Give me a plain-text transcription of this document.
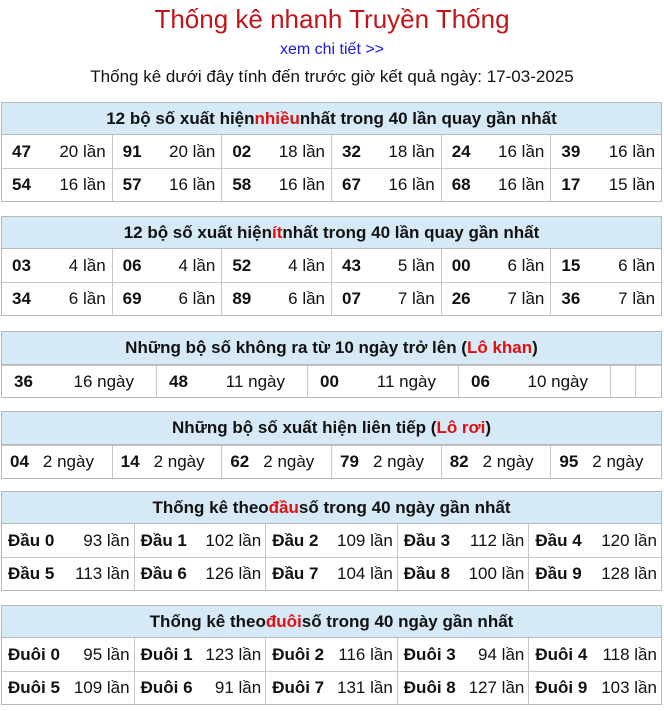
Thống kê nhanh Truyền Thống
xem chi tiết >>
Thống kê dưới đây tính đến trước giờ kết quả ngày: 17-03-2025
12 bộ số xuất hiện nhiều nhất trong 40 lần quay gần nhất
47	20 lần	91	20 lần	02	18 lần	32	18 lần	24	16 lần	39	16 lần
54	16 lần	57	16 lần	58	16 lần	67	16 lần	68	16 lần	17	15 lần
12 bộ số xuất hiện ít nhất trong 40 lần quay gần nhất
03	4 lần	06	4 lần	52	4 lần	43	5 lần	00	6 lần	15	6 lần
34	6 lần	69	6 lần	89	6 lần	07	7 lần	26	7 lần	36	7 lần
Những bộ số không ra từ 10 ngày trở lên ( Lô khan )
36	16 ngày	48	11 ngày	00	11 ngày	06	10 ngày
Những bộ số xuất hiện liên tiếp ( Lô rơi )
04 2 ngày	14 2 ngày	62 2 ngày	79 2 ngày	82 2 ngày	95 2 ngày
Thống kê theo đầu số trong 40 ngày gần nhất
Đầu 0	93 lần Đầu 1	102 lần Đầu 2	109 lần Đầu 3	112 lần Đầu 4	120 lần
Đầu 5	113 lần Đầu 6	126 lần Đầu 7	104 lần Đầu 8	100 lần Đầu 9	128 lần
Thống kê theo đuôi số trong 40 ngày gần nhất
Đuôi 0	95 lần Đuôi 1 123 lần Đuôi 2 116 lần Đuôi 3	94 lần Đuôi 4 118 lần
Đuôi 5 109 lần Đuôi 6	91 lần Đuôi 7 131 lần Đuôi 8 127 lần Đuôi 9 103 lần
